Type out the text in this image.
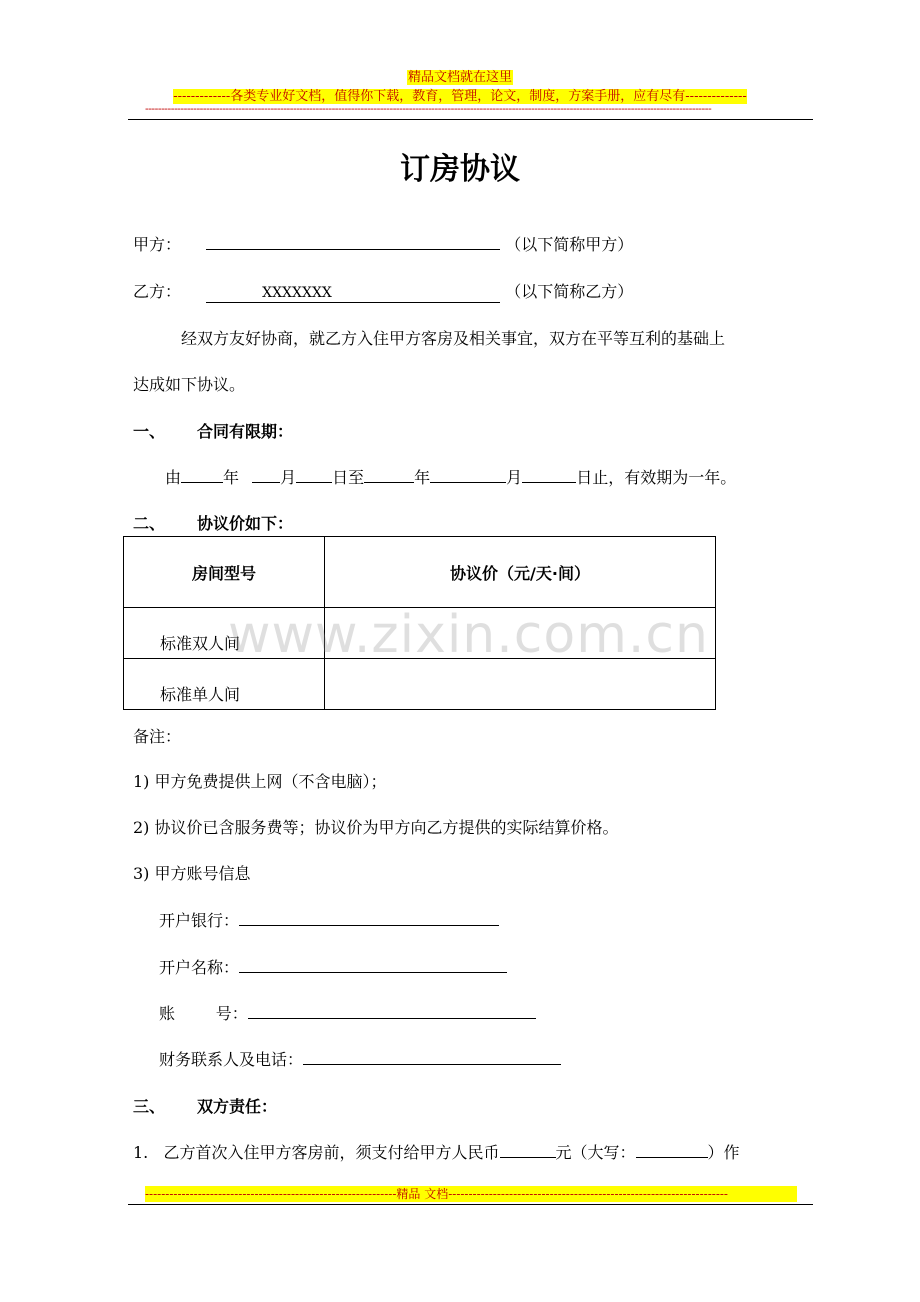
精品文档就在这里
-------------各类专业好文档，值得你下载，教育，管理，论文，制度，方案手册，应有尽有--------------
--------------------------------------------------------------------------------------------------------------------------------------------------------------------------------
订房协议
甲方：	（以下简称甲方）
乙方：	XXXXXXX	（以下简称乙方）
经双方友好协商，就乙方入住甲方客房及相关事宜，双方在平等互利的基础上
达成如下协议。
一、 合同有限期：
由	年	月 日至	年	月	日止，有效期为一年。
二、 协议价如下：
房间型号	协议价（元/天·间）
标准双人间	
标准单人间	
www.zixin.com.cn
备注：
1) 甲方免费提供上网（不含电脑）；
2) 协议价已含服务费等；协议价为甲方向乙方提供的实际结算价格。
3) 甲方账号信息
开户银行：
开户名称：
账        号：
财务联系人及电话：
三、 双方责任：
1.   乙方首次入住甲方客房前，须支付给甲方人民币	元（大写：	）作
--------------------------------------------------------------精品 文档---------------------------------------------------------------------
